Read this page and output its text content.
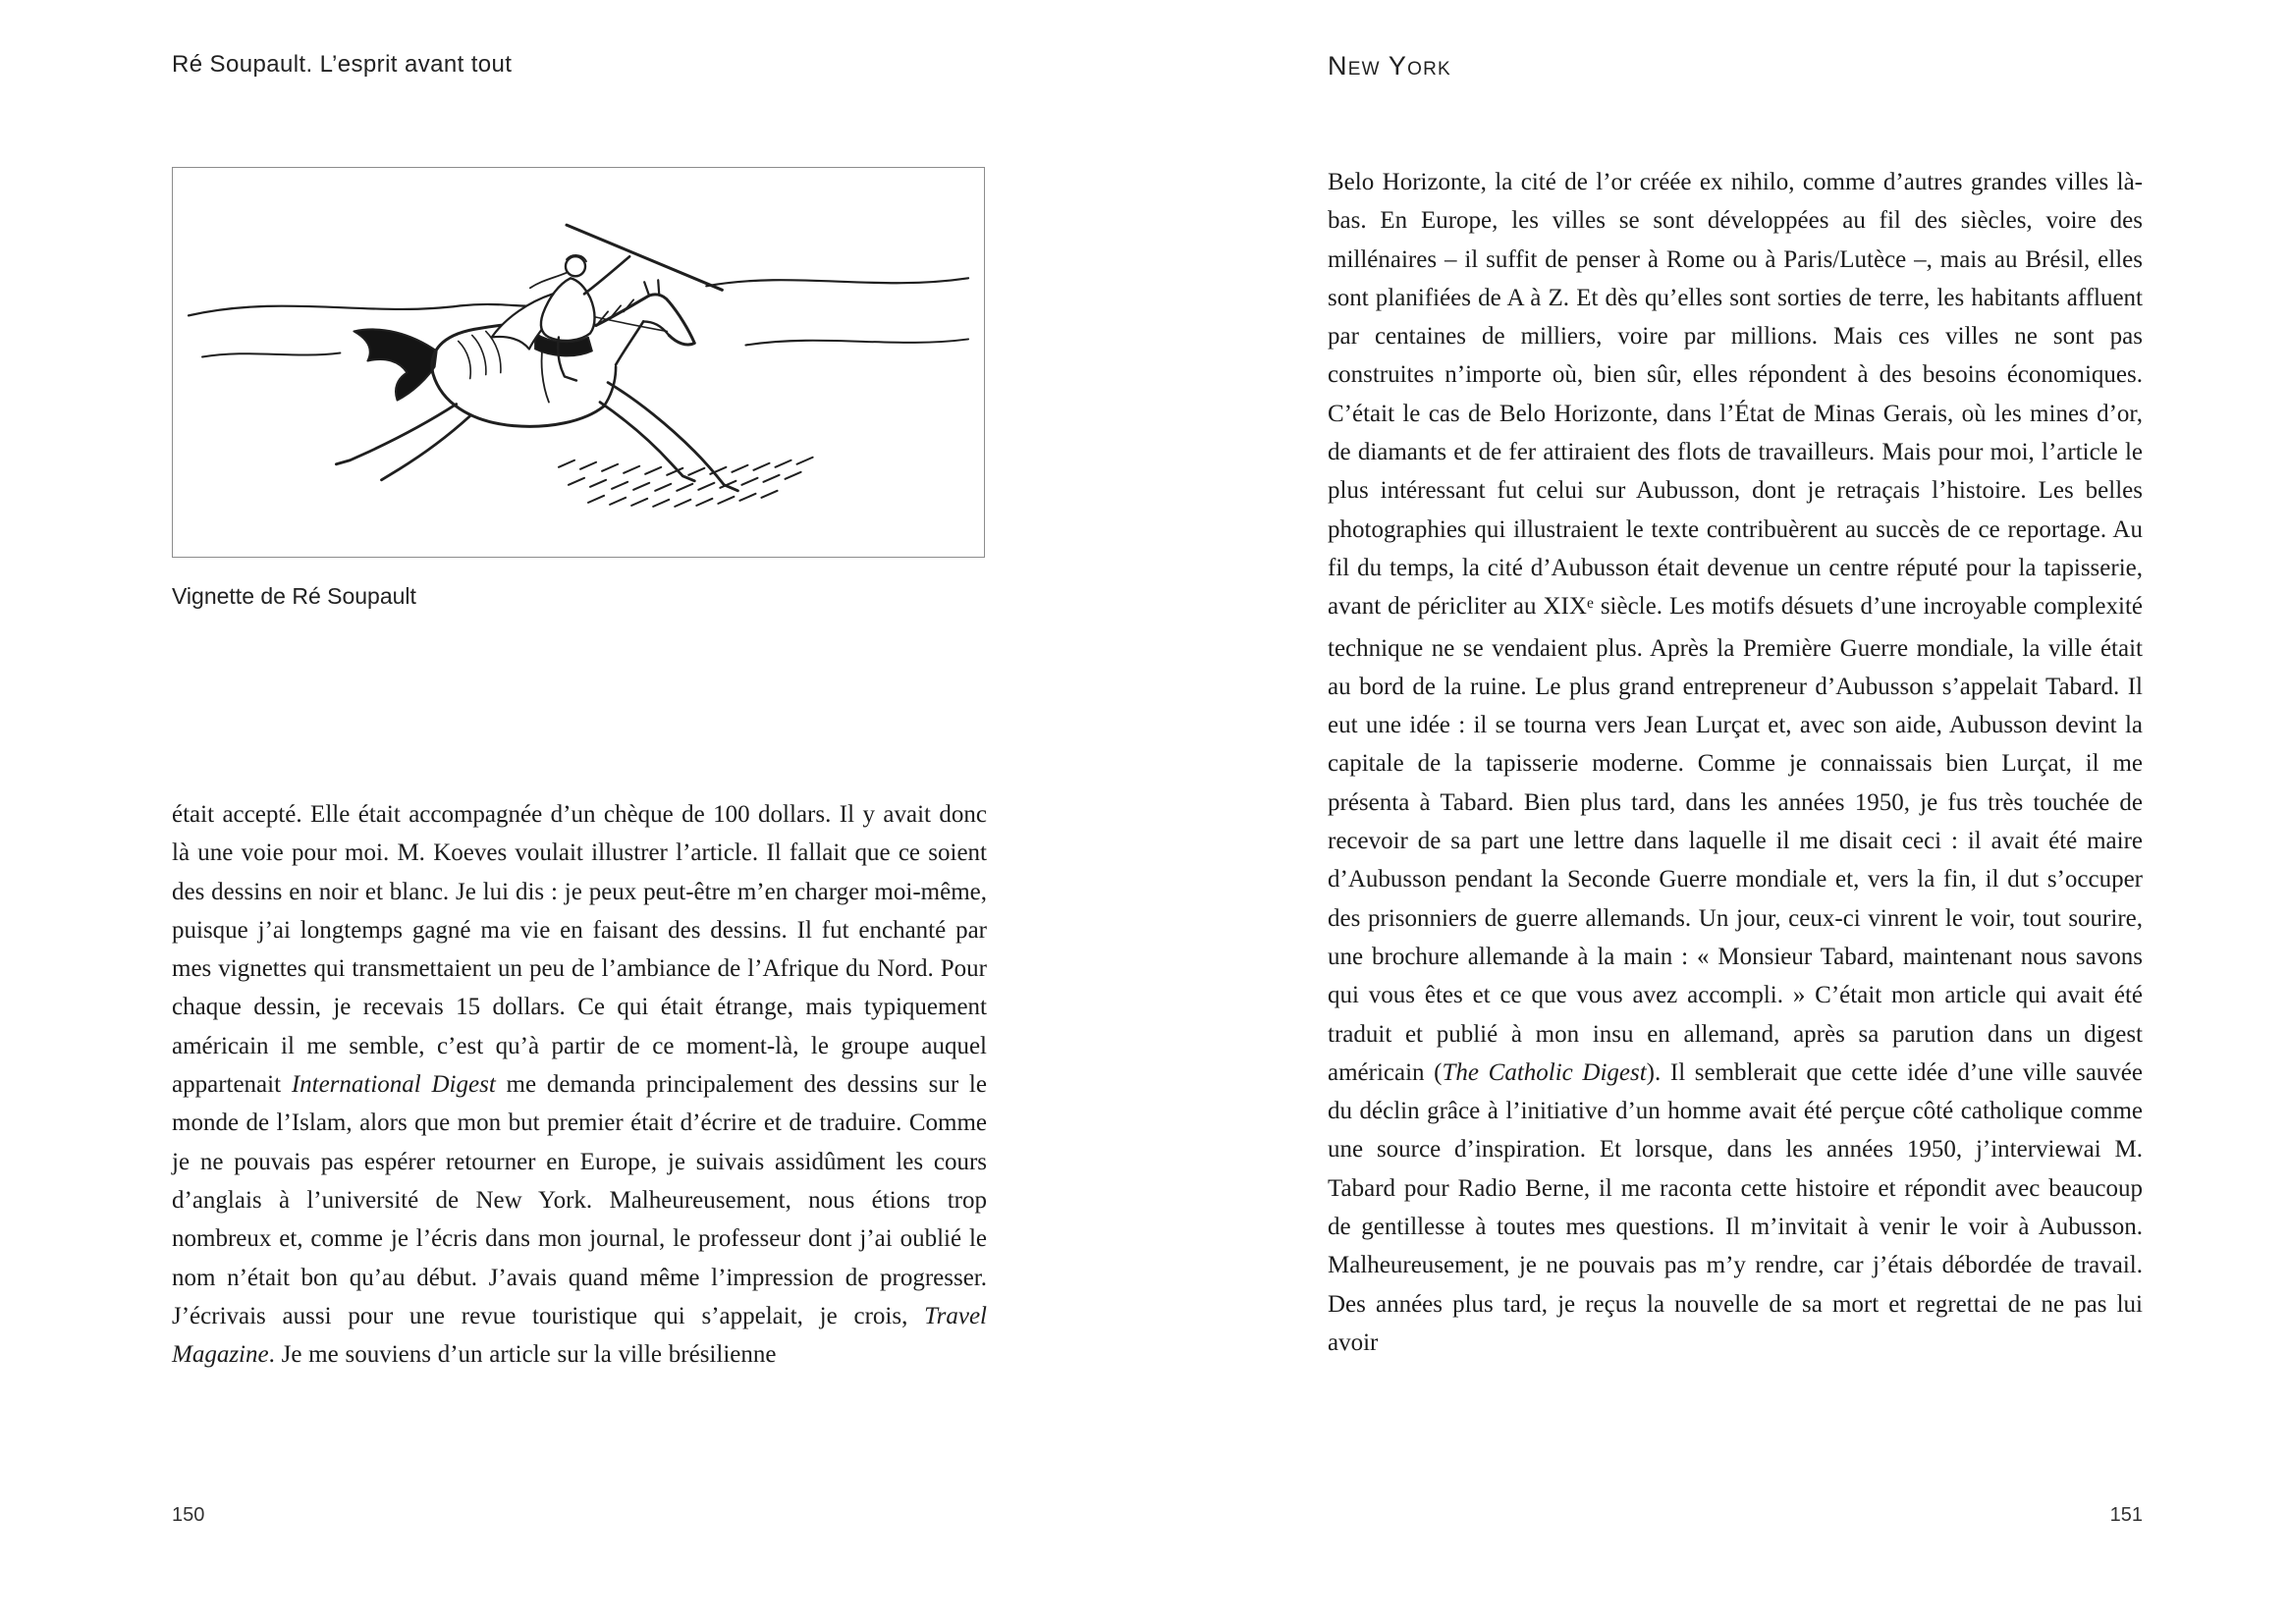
Ré Soupault. L’esprit avant tout
Vignette de Ré Soupault
était accepté. Elle était accompagnée d’un chèque de 100 dollars. Il y avait donc là une voie pour moi. M. Koeves voulait illustrer l’article. Il fallait que ce soient des dessins en noir et blanc. Je lui dis : je peux peut-être m’en charger moi-même, puisque j’ai longtemps gagné ma vie en faisant des dessins. Il fut enchanté par mes vignettes qui transmettaient un peu de l’ambiance de l’Afrique du Nord. Pour chaque dessin, je recevais 15 dollars. Ce qui était étrange, mais typiquement américain il me semble, c’est qu’à partir de ce moment-là, le groupe auquel appartenait International Digest me demanda principalement des dessins sur le monde de l’Islam, alors que mon but premier était d’écrire et de traduire. Comme je ne pouvais pas espérer retourner en Europe, je suivais assidûment les cours d’anglais à l’université de New York. Malheureusement, nous étions trop nombreux et, comme je l’écris dans mon journal, le professeur dont j’ai oublié le nom n’était bon qu’au début. J’avais quand même l’impression de progresser. J’écrivais aussi pour une revue touristique qui s’appelait, je crois, Travel Magazine. Je me souviens d’un article sur la ville brésilienne
150
New York
Belo Horizonte, la cité de l’or créée ex nihilo, comme d’autres grandes villes là-bas. En Europe, les villes se sont développées au fil des siècles, voire des millénaires – il suffit de penser à Rome ou à Paris/Lutèce –, mais au Brésil, elles sont planifiées de A à Z. Et dès qu’elles sont sorties de terre, les habitants affluent par centaines de milliers, voire par millions. Mais ces villes ne sont pas construites n’importe où, bien sûr, elles répondent à des besoins économiques. C’était le cas de Belo Horizonte, dans l’État de Minas Gerais, où les mines d’or, de diamants et de fer attiraient des flots de travailleurs. Mais pour moi, l’article le plus intéressant fut celui sur Aubusson, dont je retraçais l’histoire. Les belles photographies qui illustraient le texte contribuèrent au succès de ce reportage. Au fil du temps, la cité d’Aubusson était devenue un centre réputé pour la tapisserie, avant de péricliter au XIXe siècle. Les motifs désuets d’une incroyable complexité technique ne se vendaient plus. Après la Première Guerre mondiale, la ville était au bord de la ruine. Le plus grand entrepreneur d’Aubusson s’appelait Tabard. Il eut une idée : il se tourna vers Jean Lurçat et, avec son aide, Aubusson devint la capitale de la tapisserie moderne. Comme je connaissais bien Lurçat, il me présenta à Tabard. Bien plus tard, dans les années 1950, je fus très touchée de recevoir de sa part une lettre dans laquelle il me disait ceci : il avait été maire d’Aubusson pendant la Seconde Guerre mondiale et, vers la fin, il dut s’occuper des prisonniers de guerre allemands. Un jour, ceux-ci vinrent le voir, tout sourire, une brochure allemande à la main : « Monsieur Tabard, maintenant nous savons qui vous êtes et ce que vous avez accompli. » C’était mon article qui avait été traduit et publié à mon insu en allemand, après sa parution dans un digest américain (The Catholic Digest). Il semblerait que cette idée d’une ville sauvée du déclin grâce à l’initiative d’un homme avait été perçue côté catholique comme une source d’inspiration. Et lorsque, dans les années 1950, j’interviewai M. Tabard pour Radio Berne, il me raconta cette histoire et répondit avec beaucoup de gentillesse à toutes mes questions. Il m’invitait à venir le voir à Aubusson. Malheureusement, je ne pouvais pas m’y rendre, car j’étais débordée de travail. Des années plus tard, je reçus la nouvelle de sa mort et regrettai de ne pas lui avoir
151
